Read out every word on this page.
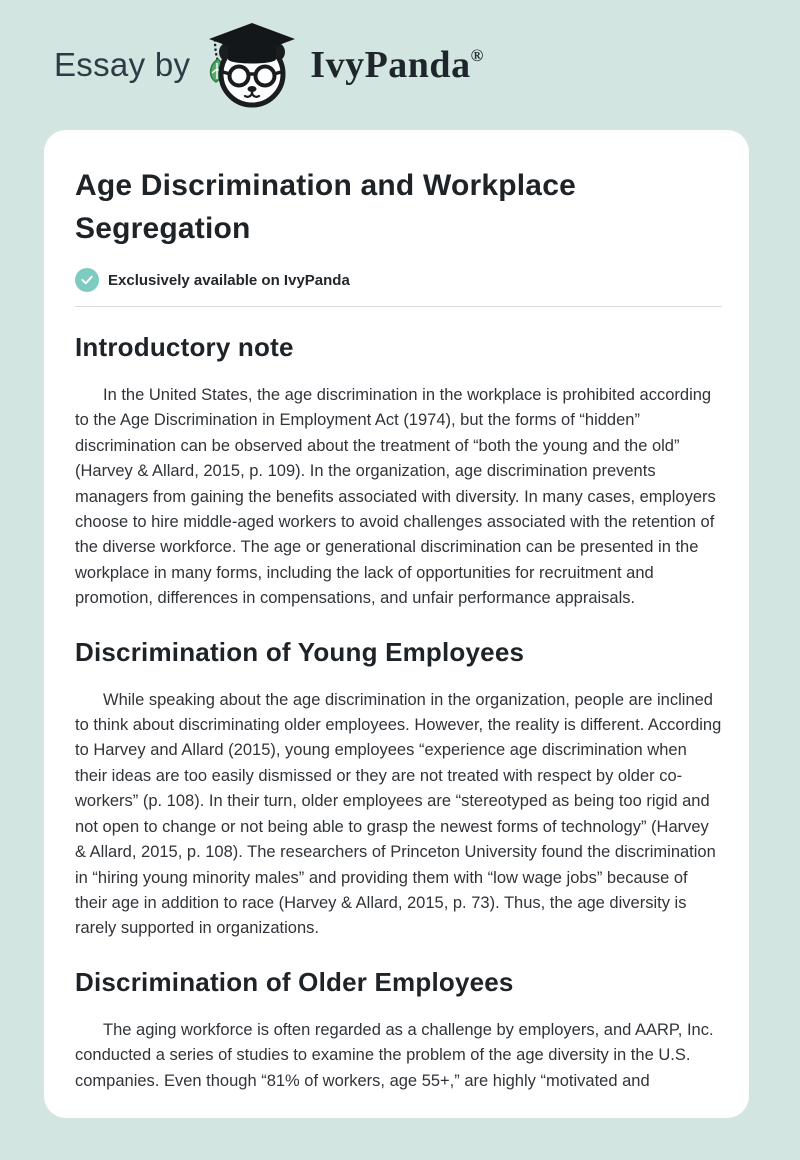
Essay by	IvyPanda®
Age Discrimination and Workplace Segregation
Exclusively available on IvyPanda
Introductory note

In the United States, the age discrimination in the workplace is prohibited according to the Age Discrimination in Employment Act (1974), but the forms of “hidden” discrimination can be observed about the treatment of “both the young and the old” (Harvey & Allard, 2015, p. 109). In the organization, age discrimination prevents managers from gaining the benefits associated with diversity. In many cases, employers choose to hire middle-aged workers to avoid challenges associated with the retention of the diverse workforce. The age or generational discrimination can be presented in the workplace in many forms, including the lack of opportunities for recruitment and promotion, differences in compensations, and unfair performance appraisals.

Discrimination of Young Employees

While speaking about the age discrimination in the organization, people are inclined to think about discriminating older employees. However, the reality is different. According to Harvey and Allard (2015), young employees “experience age discrimination when their ideas are too easily dismissed or they are not treated with respect by older co-workers” (p. 108). In their turn, older employees are “stereotyped as being too rigid and not open to change or not being able to grasp the newest forms of technology” (Harvey & Allard, 2015, p. 108). The researchers of Princeton University found the discrimination in “hiring young minority males” and providing them with “low wage jobs” because of their age in addition to race (Harvey & Allard, 2015, p. 73). Thus, the age diversity is rarely supported in organizations.

Discrimination of Older Employees

The aging workforce is often regarded as a challenge by employers, and AARP, Inc. conducted a series of studies to examine the problem of the age diversity in the U.S. companies. Even though “81% of workers, age 55+,” are highly “motivated and
